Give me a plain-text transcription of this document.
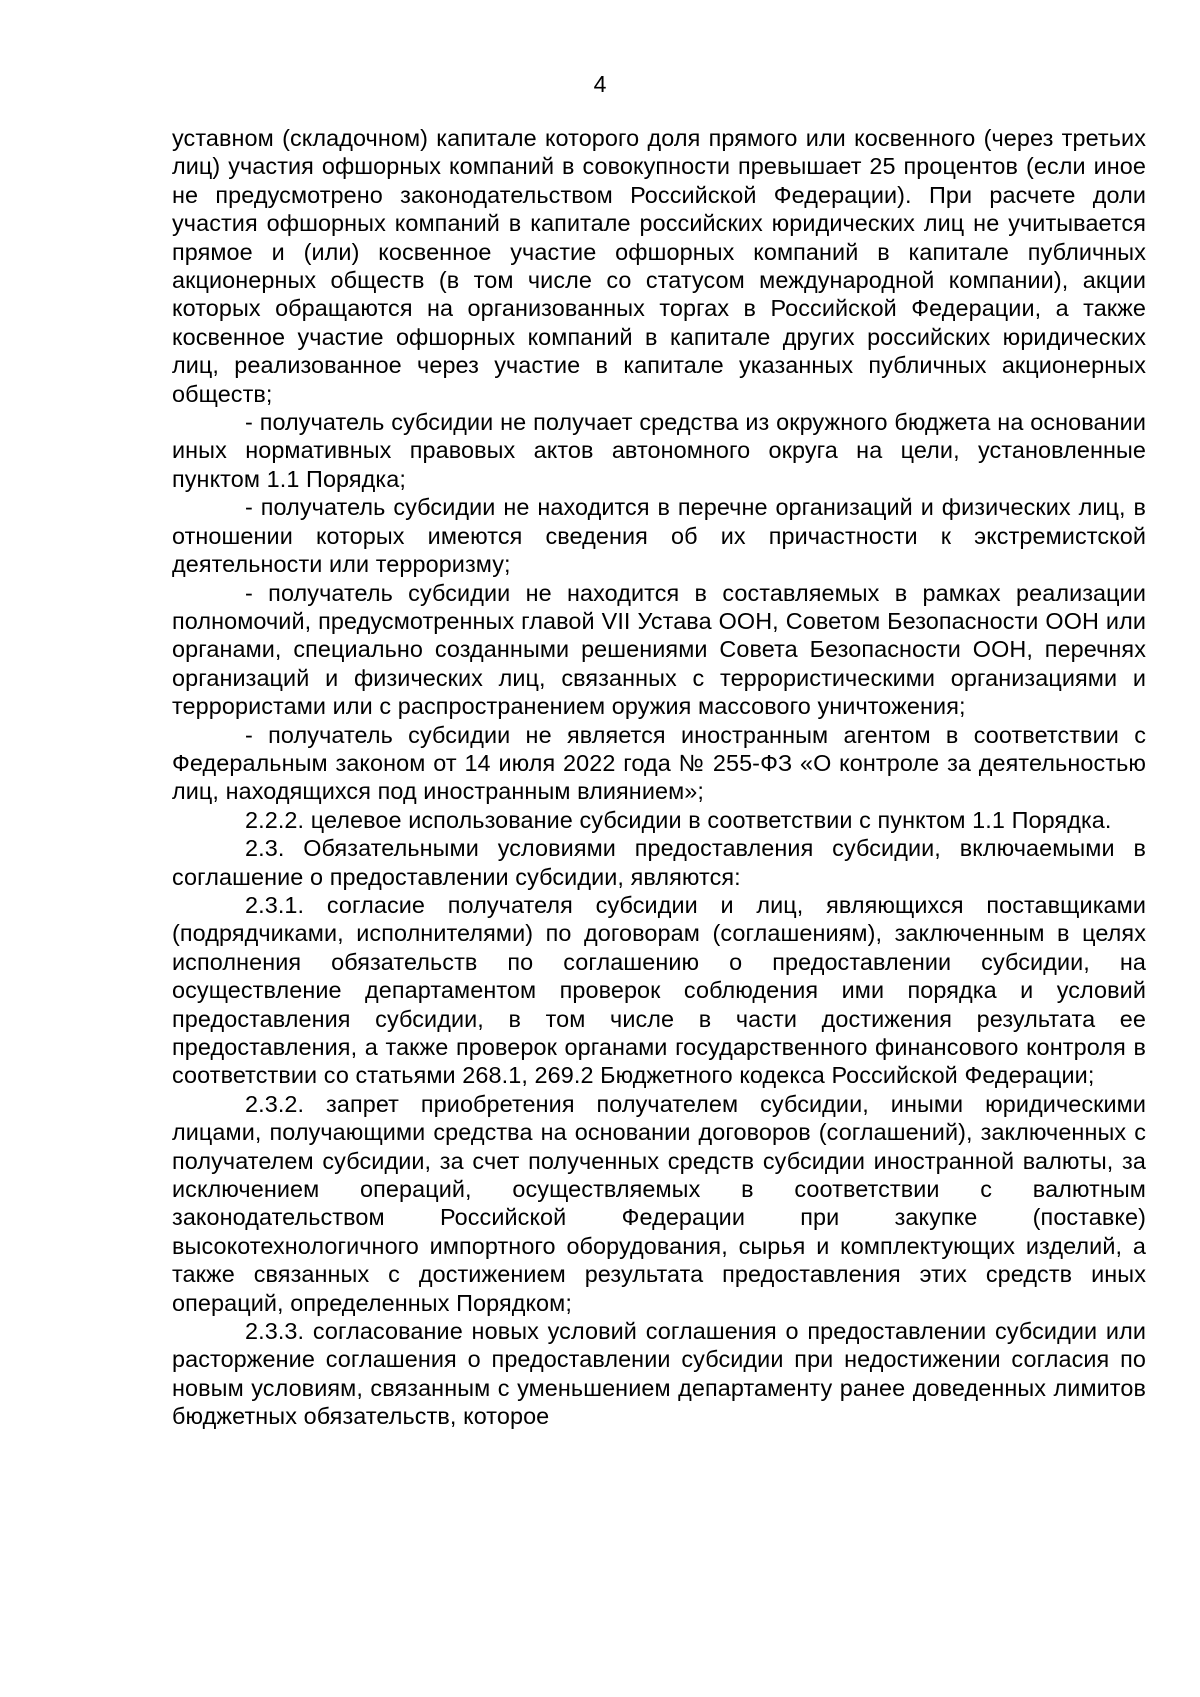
4

уставном (складочном) капитале которого доля прямого или косвенного (через третьих лиц) участия офшорных компаний в совокупности превышает 25 процентов (если иное не предусмотрено законодательством Российской Федерации). При расчете доли участия офшорных компаний в капитале российских юридических лиц не учитывается прямое и (или) косвенное участие офшорных компаний в капитале публичных акционерных обществ (в том числе со статусом международной компании), акции которых обращаются на организованных торгах в Российской Федерации, а также косвенное участие офшорных компаний в капитале других российских юридических лиц, реализованное через участие в капитале указанных публичных акционерных обществ;

- получатель субсидии не получает средства из окружного бюджета на основании иных нормативных правовых актов автономного округа на цели, установленные пунктом 1.1 Порядка;

- получатель субсидии не находится в перечне организаций и физических лиц, в отношении которых имеются сведения об их причастности к экстремистской деятельности или терроризму;

- получатель субсидии не находится в составляемых в рамках реализации полномочий, предусмотренных главой VII Устава ООН, Советом Безопасности ООН или органами, специально созданными решениями Совета Безопасности ООН, перечнях организаций и физических лиц, связанных с террористическими организациями и террористами или с распространением оружия массового уничтожения;

- получатель субсидии не является иностранным агентом в соответствии с Федеральным законом от 14 июля 2022 года № 255-ФЗ «О контроле за деятельностью лиц, находящихся под иностранным влиянием»;

2.2.2. целевое использование субсидии в соответствии с пунктом 1.1 Порядка.

2.3. Обязательными условиями предоставления субсидии, включаемыми в соглашение о предоставлении субсидии, являются:

2.3.1. согласие получателя субсидии и лиц, являющихся поставщиками (подрядчиками, исполнителями) по договорам (соглашениям), заключенным в целях исполнения обязательств по соглашению о предоставлении субсидии, на осуществление департаментом проверок соблюдения ими порядка и условий предоставления субсидии, в том числе в части достижения результата ее предоставления, а также проверок органами государственного финансового контроля в соответствии со статьями 268.1, 269.2 Бюджетного кодекса Российской Федерации;

2.3.2. запрет приобретения получателем субсидии, иными юридическими лицами, получающими средства на основании договоров (соглашений), заключенных с получателем субсидии, за счет полученных средств субсидии иностранной валюты, за исключением операций, осуществляемых в соответствии с валютным законодательством Российской Федерации при закупке (поставке) высокотехнологичного импортного оборудования, сырья и комплектующих изделий, а также связанных с достижением результата предоставления этих средств иных операций, определенных Порядком;

2.3.3. согласование новых условий соглашения о предоставлении субсидии или расторжение соглашения о предоставлении субсидии при недостижении согласия по новым условиям, связанным с уменьшением департаменту ранее доведенных лимитов бюджетных обязательств, которое
